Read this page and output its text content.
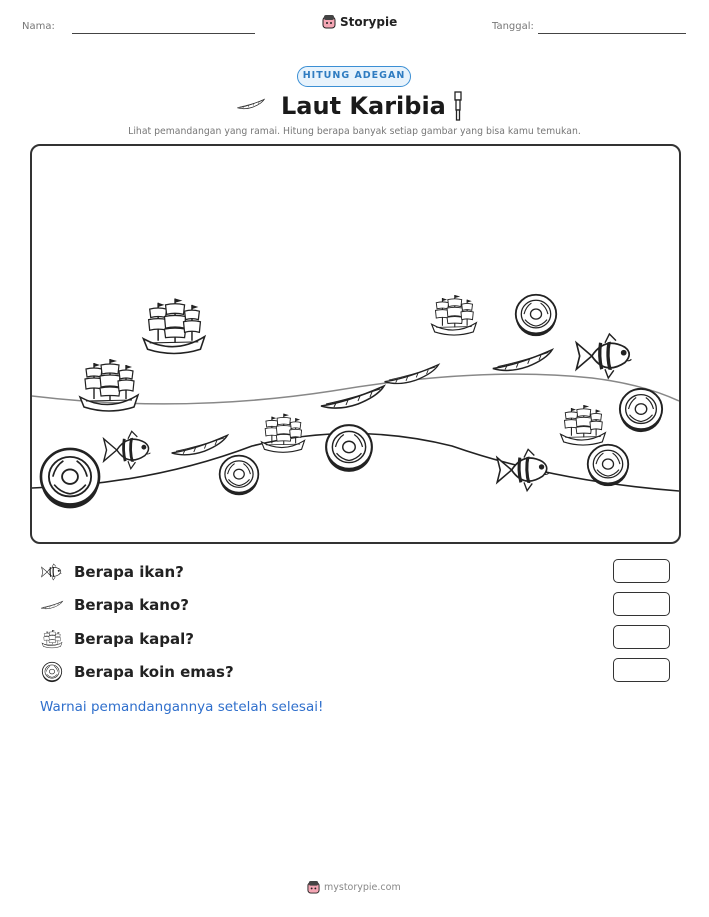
Nama:	Storypie	Tanggal:
HITUNG ADEGAN
Laut Karibia
Lihat pemandangan yang ramai. Hitung berapa banyak setiap gambar yang bisa kamu temukan.
Berapa ikan?
Berapa kano?
Berapa kapal?
Berapa koin emas?
Warnai pemandangannya setelah selesai!
mystorypie.com
